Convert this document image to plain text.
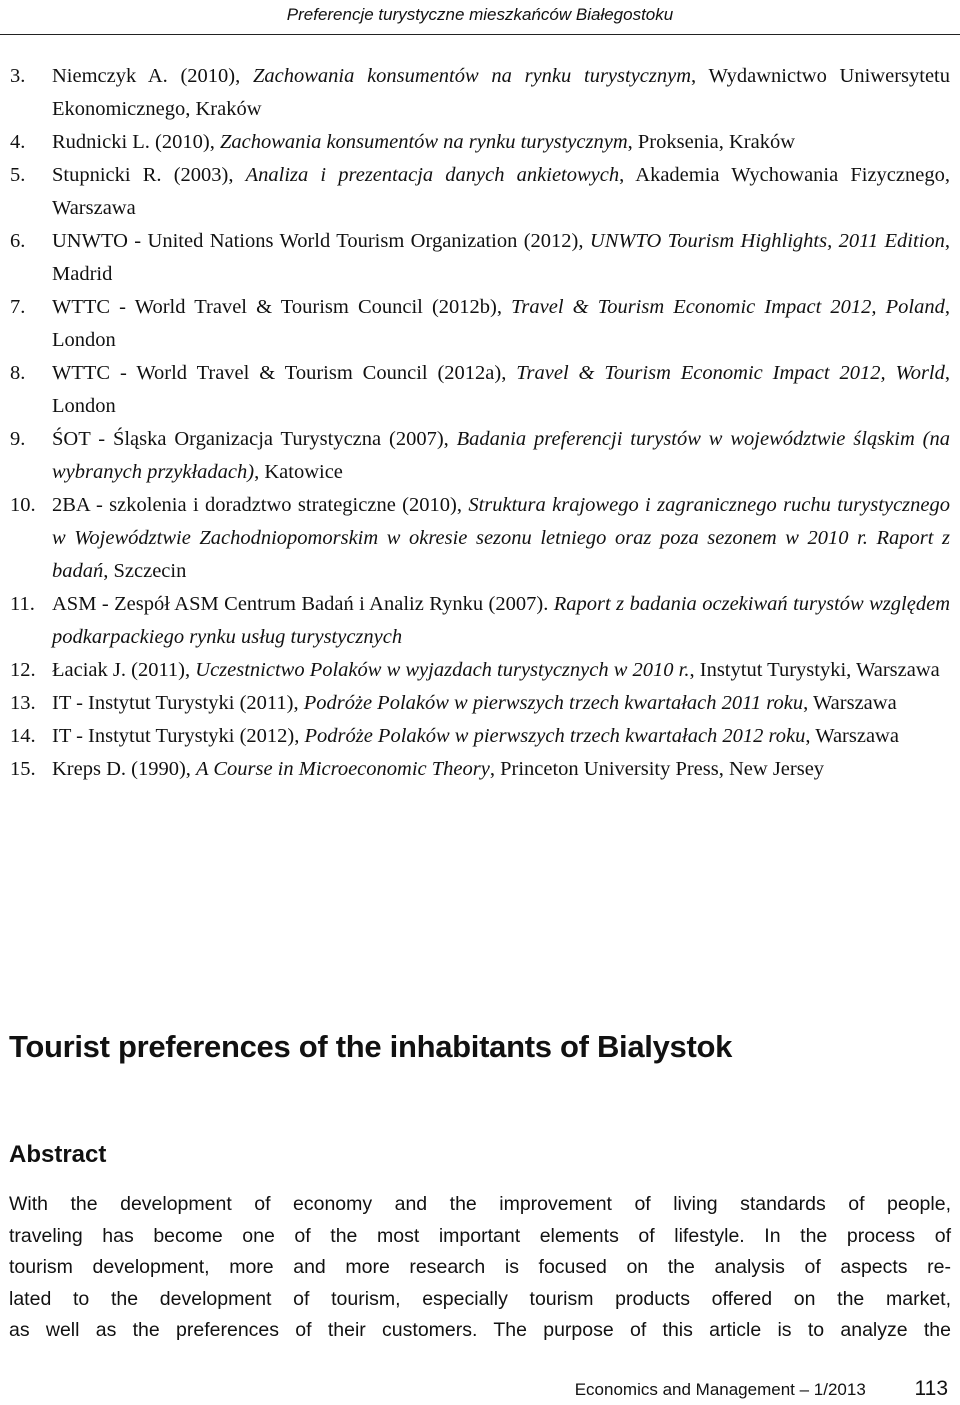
Preferencje turystyczne mieszkańców Białegostoku
3. Niemczyk A. (2010), Zachowania konsumentów na rynku turystycznym, Wydawnictwo Uniwersytetu Ekonomicznego, Kraków
4. Rudnicki L. (2010), Zachowania konsumentów na rynku turystycznym, Proksenia, Kraków
5. Stupnicki R. (2003), Analiza i prezentacja danych ankietowych, Akademia Wychowania Fizycznego, Warszawa
6. UNWTO - United Nations World Tourism Organization (2012), UNWTO Tourism Highlights, 2011 Edition, Madrid
7. WTTC - World Travel & Tourism Council (2012b), Travel & Tourism Economic Impact 2012, Poland, London
8. WTTC - World Travel & Tourism Council (2012a), Travel & Tourism Economic Impact 2012, World, London
9. ŚOT - Śląska Organizacja Turystyczna (2007), Badania preferencji turystów w województwie śląskim (na wybranych przykładach), Katowice
10. 2BA - szkolenia i doradztwo strategiczne (2010), Struktura krajowego i zagranicznego ruchu turystycznego w Województwie Zachodniopomorskim w okresie sezonu letniego oraz poza sezonem w 2010 r. Raport z badań, Szczecin
11. ASM - Zespół ASM Centrum Badań i Analiz Rynku (2007). Raport z badania oczekiwań turystów względem podkarpackiego rynku usług turystycznych
12. Łaciak J. (2011), Uczestnictwo Polaków w wyjazdach turystycznych w 2010 r., Instytut Turystyki, Warszawa
13. IT - Instytut Turystyki (2011), Podróże Polaków w pierwszych trzech kwartałach 2011 roku, Warszawa
14. IT - Instytut Turystyki (2012), Podróże Polaków w pierwszych trzech kwartałach 2012 roku, Warszawa
15. Kreps D. (1990), A Course in Microeconomic Theory, Princeton University Press, New Jersey
Tourist preferences of the inhabitants of Bialystok
Abstract
With the development of economy and the improvement of living standards of people,
traveling has become one of the most important elements of lifestyle. In the process of
tourism development, more and more research is focused on the analysis of aspects re-
lated to the development of tourism, especially tourism products offered on the market,
as well as the preferences of their customers. The purpose of this article is to analyze the
Economics and Management – 1/2013 113
